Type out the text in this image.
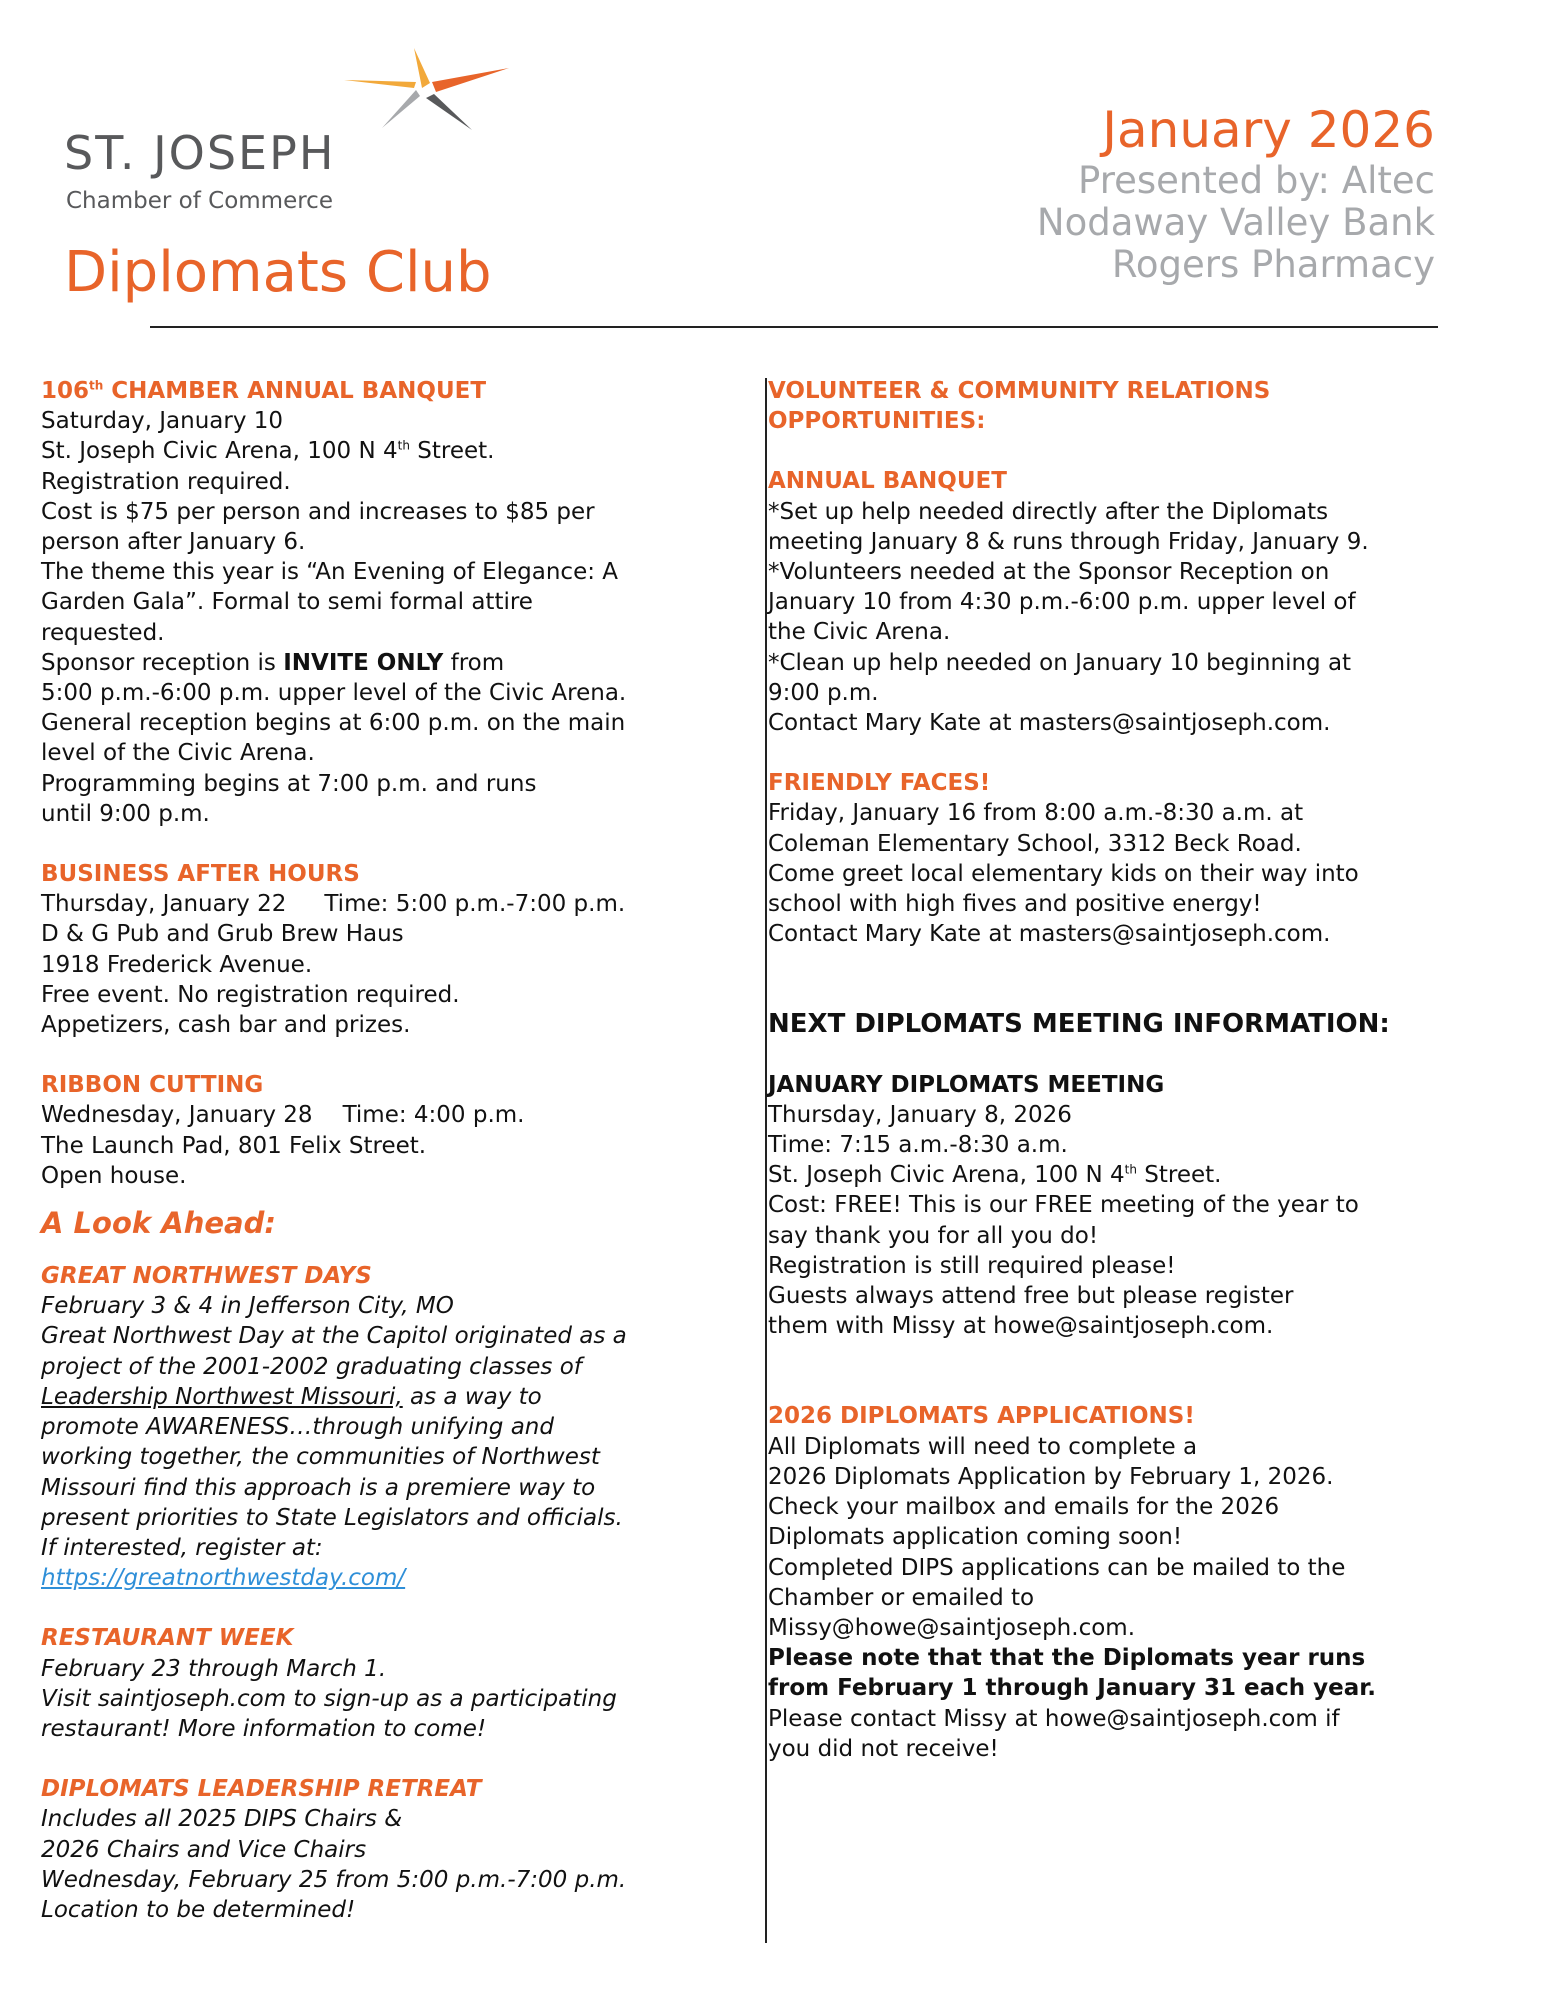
ST. JOSEPH
Chamber of Commerce
Diplomats Club
January 2026
Presented by: Altec
Nodaway Valley Bank
Rogers Pharmacy
106th CHAMBER ANNUAL BANQUET
Saturday, January 10
St. Joseph Civic Arena, 100 N 4th Street.
Registration required.
Cost is $75 per person and increases to $85 per
person after January 6.
The theme this year is “An Evening of Elegance: A
Garden Gala”. Formal to semi formal attire
requested.
Sponsor reception is INVITE ONLY from
5:00 p.m.-6:00 p.m. upper level of the Civic Arena.
General reception begins at 6:00 p.m. on the main
level of the Civic Arena.
Programming begins at 7:00 p.m. and runs
until 9:00 p.m.
BUSINESS AFTER HOURS
Thursday, January 22 Time: 5:00 p.m.-7:00 p.m.
D & G Pub and Grub Brew Haus
1918 Frederick Avenue.
Free event. No registration required.
Appetizers, cash bar and prizes.
RIBBON CUTTING
Wednesday, January 28 Time: 4:00 p.m.
The Launch Pad, 801 Felix Street.
Open house.
A Look Ahead:
GREAT NORTHWEST DAYS
February 3 & 4 in Jefferson City, MO
Great Northwest Day at the Capitol originated as a
project of the 2001-2002 graduating classes of
Leadership Northwest Missouri, as a way to
promote AWARENESS…through unifying and
working together, the communities of Northwest
Missouri find this approach is a premiere way to
present priorities to State Legislators and officials.
If interested, register at:
https://greatnorthwestday.com/
RESTAURANT WEEK
February 23 through March 1.
Visit saintjoseph.com to sign-up as a participating
restaurant! More information to come!
DIPLOMATS LEADERSHIP RETREAT
Includes all 2025 DIPS Chairs &
2026 Chairs and Vice Chairs
Wednesday, February 25 from 5:00 p.m.-7:00 p.m.
Location to be determined!
VOLUNTEER & COMMUNITY RELATIONS
OPPORTUNITIES:
ANNUAL BANQUET
*Set up help needed directly after the Diplomats
meeting January 8 & runs through Friday, January 9.
*Volunteers needed at the Sponsor Reception on
January 10 from 4:30 p.m.-6:00 p.m. upper level of
the Civic Arena.
*Clean up help needed on January 10 beginning at
9:00 p.m.
Contact Mary Kate at masters@saintjoseph.com.
FRIENDLY FACES!
Friday, January 16 from 8:00 a.m.-8:30 a.m. at
Coleman Elementary School, 3312 Beck Road.
Come greet local elementary kids on their way into
school with high fives and positive energy!
Contact Mary Kate at masters@saintjoseph.com.
NEXT DIPLOMATS MEETING INFORMATION:
JANUARY DIPLOMATS MEETING
Thursday, January 8, 2026
Time: 7:15 a.m.-8:30 a.m.
St. Joseph Civic Arena, 100 N 4th Street.
Cost: FREE! This is our FREE meeting of the year to
say thank you for all you do!
Registration is still required please!
Guests always attend free but please register
them with Missy at howe@saintjoseph.com.
2026 DIPLOMATS APPLICATIONS!
All Diplomats will need to complete a
2026 Diplomats Application by February 1, 2026.
Check your mailbox and emails for the 2026
Diplomats application coming soon!
Completed DIPS applications can be mailed to the
Chamber or emailed to
Missy@howe@saintjoseph.com.
Please note that that the Diplomats year runs
from February 1 through January 31 each year.
Please contact Missy at howe@saintjoseph.com if
you did not receive!
